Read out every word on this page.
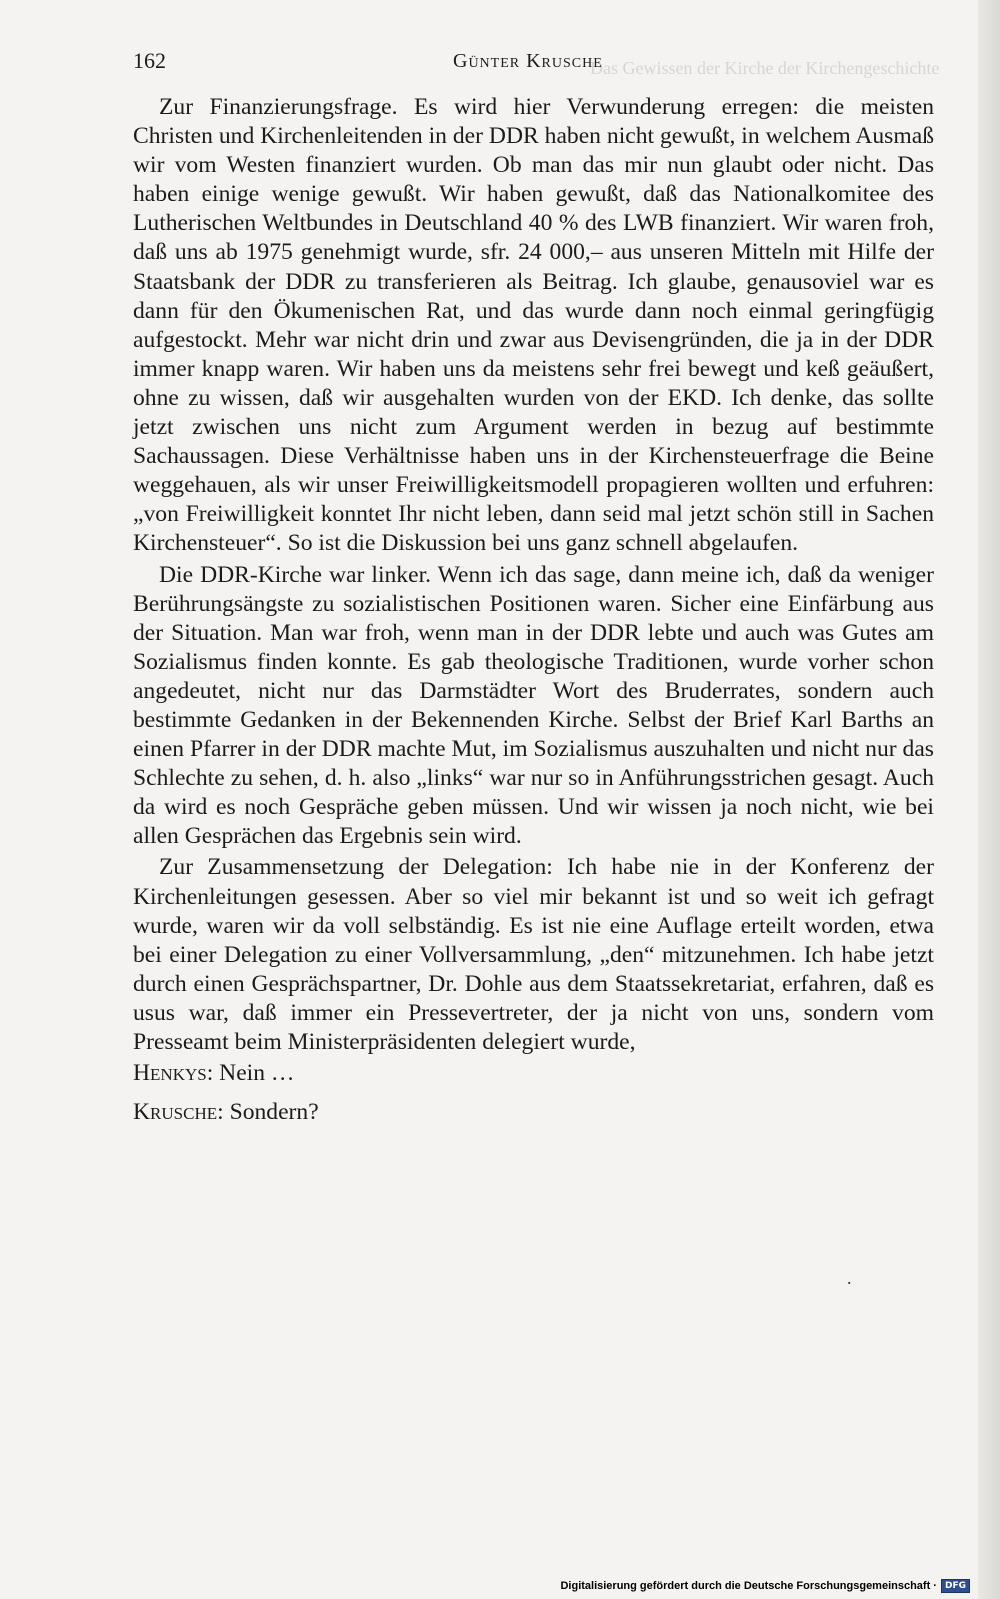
Das Gewissen der Kirche der Kirchengeschichte
162	Günter Krusche

Zur Finanzierungsfrage. Es wird hier Verwunderung erregen: die meisten Christen und Kirchenleitenden in der DDR haben nicht gewußt, in welchem Ausmaß wir vom Westen finanziert wurden. Ob man das mir nun glaubt oder nicht. Das haben einige wenige gewußt. Wir haben gewußt, daß das Nationalkomitee des Lutherischen Weltbundes in Deutschland 40 % des LWB finanziert. Wir waren froh, daß uns ab 1975 genehmigt wurde, sfr. 24 000,– aus unseren Mitteln mit Hilfe der Staatsbank der DDR zu transferieren als Beitrag. Ich glaube, genausoviel war es dann für den Ökumenischen Rat, und das wurde dann noch einmal geringfügig aufgestockt. Mehr war nicht drin und zwar aus Devisengründen, die ja in der DDR immer knapp waren. Wir haben uns da meistens sehr frei bewegt und keß geäußert, ohne zu wissen, daß wir ausgehalten wurden von der EKD. Ich denke, das sollte jetzt zwischen uns nicht zum Argument werden in bezug auf bestimmte Sachaussagen. Diese Verhältnisse haben uns in der Kirchensteuerfrage die Beine weggehauen, als wir unser Freiwilligkeitsmodell propagieren wollten und erfuhren: „von Freiwilligkeit konntet Ihr nicht leben, dann seid mal jetzt schön still in Sachen Kirchensteuer“. So ist die Diskussion bei uns ganz schnell abgelaufen.

Die DDR-Kirche war linker. Wenn ich das sage, dann meine ich, daß da weniger Berührungsängste zu sozialistischen Positionen waren. Sicher eine Einfärbung aus der Situation. Man war froh, wenn man in der DDR lebte und auch was Gutes am Sozialismus finden konnte. Es gab theologische Traditionen, wurde vorher schon angedeutet, nicht nur das Darmstädter Wort des Bruderrates, sondern auch bestimmte Gedanken in der Bekennenden Kirche. Selbst der Brief Karl Barths an einen Pfarrer in der DDR machte Mut, im Sozialismus auszuhalten und nicht nur das Schlechte zu sehen, d. h. also „links“ war nur so in Anführungsstrichen gesagt. Auch da wird es noch Gespräche geben müssen. Und wir wissen ja noch nicht, wie bei allen Gesprächen das Ergebnis sein wird.

Zur Zusammensetzung der Delegation: Ich habe nie in der Konferenz der Kirchenleitungen gesessen. Aber so viel mir bekannt ist und so weit ich gefragt wurde, waren wir da voll selbständig. Es ist nie eine Auflage erteilt worden, etwa bei einer Delegation zu einer Vollversammlung, „den“ mitzunehmen. Ich habe jetzt durch einen Gesprächspartner, Dr. Dohle aus dem Staatssekretariat, erfahren, daß es usus war, daß immer ein Pressevertreter, der ja nicht von uns, sondern vom Presseamt beim Ministerpräsidenten delegiert wurde,

Henkys: Nein …

Krusche: Sondern?

.
Digitalisierung gefördert durch die Deutsche Forschungsgemeinschaft · DFG
